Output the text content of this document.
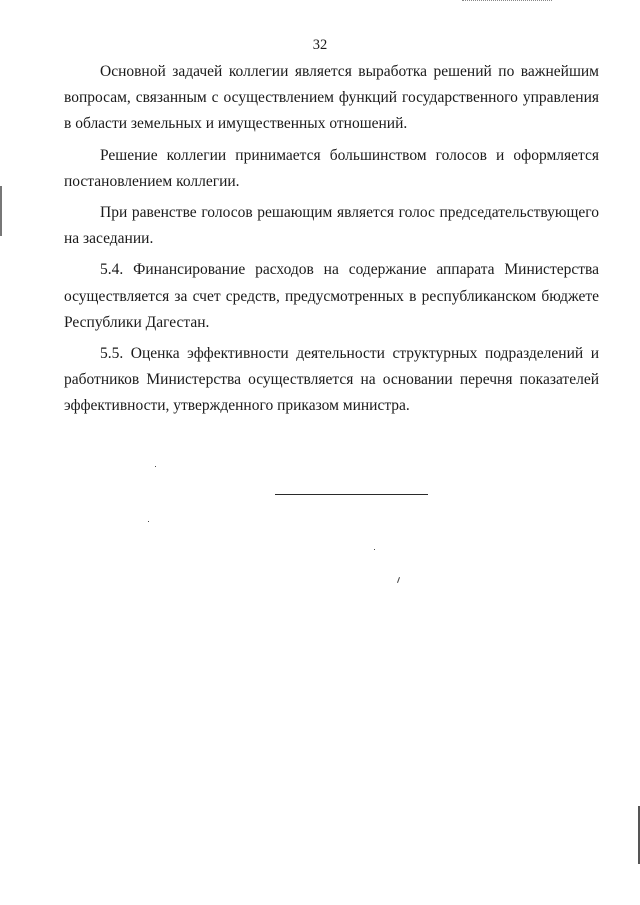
32

Основной задачей коллегии является выработка решений по важнейшим вопросам, связанным с осуществлением функций государственного управления в области земельных и имущественных отношений.

Решение коллегии принимается большинством голосов и оформляется постановлением коллегии.

При равенстве голосов решающим является голос председательствующего на заседании.

5.4. Финансирование расходов на содержание аппарата Министерства осуществляется за счет средств, предусмотренных в республиканском бюджете Республики Дагестан.

5.5. Оценка эффективности деятельности структурных подразделений и работников Министерства осуществляется на основании перечня показателей эффективности, утвержденного приказом министра.
